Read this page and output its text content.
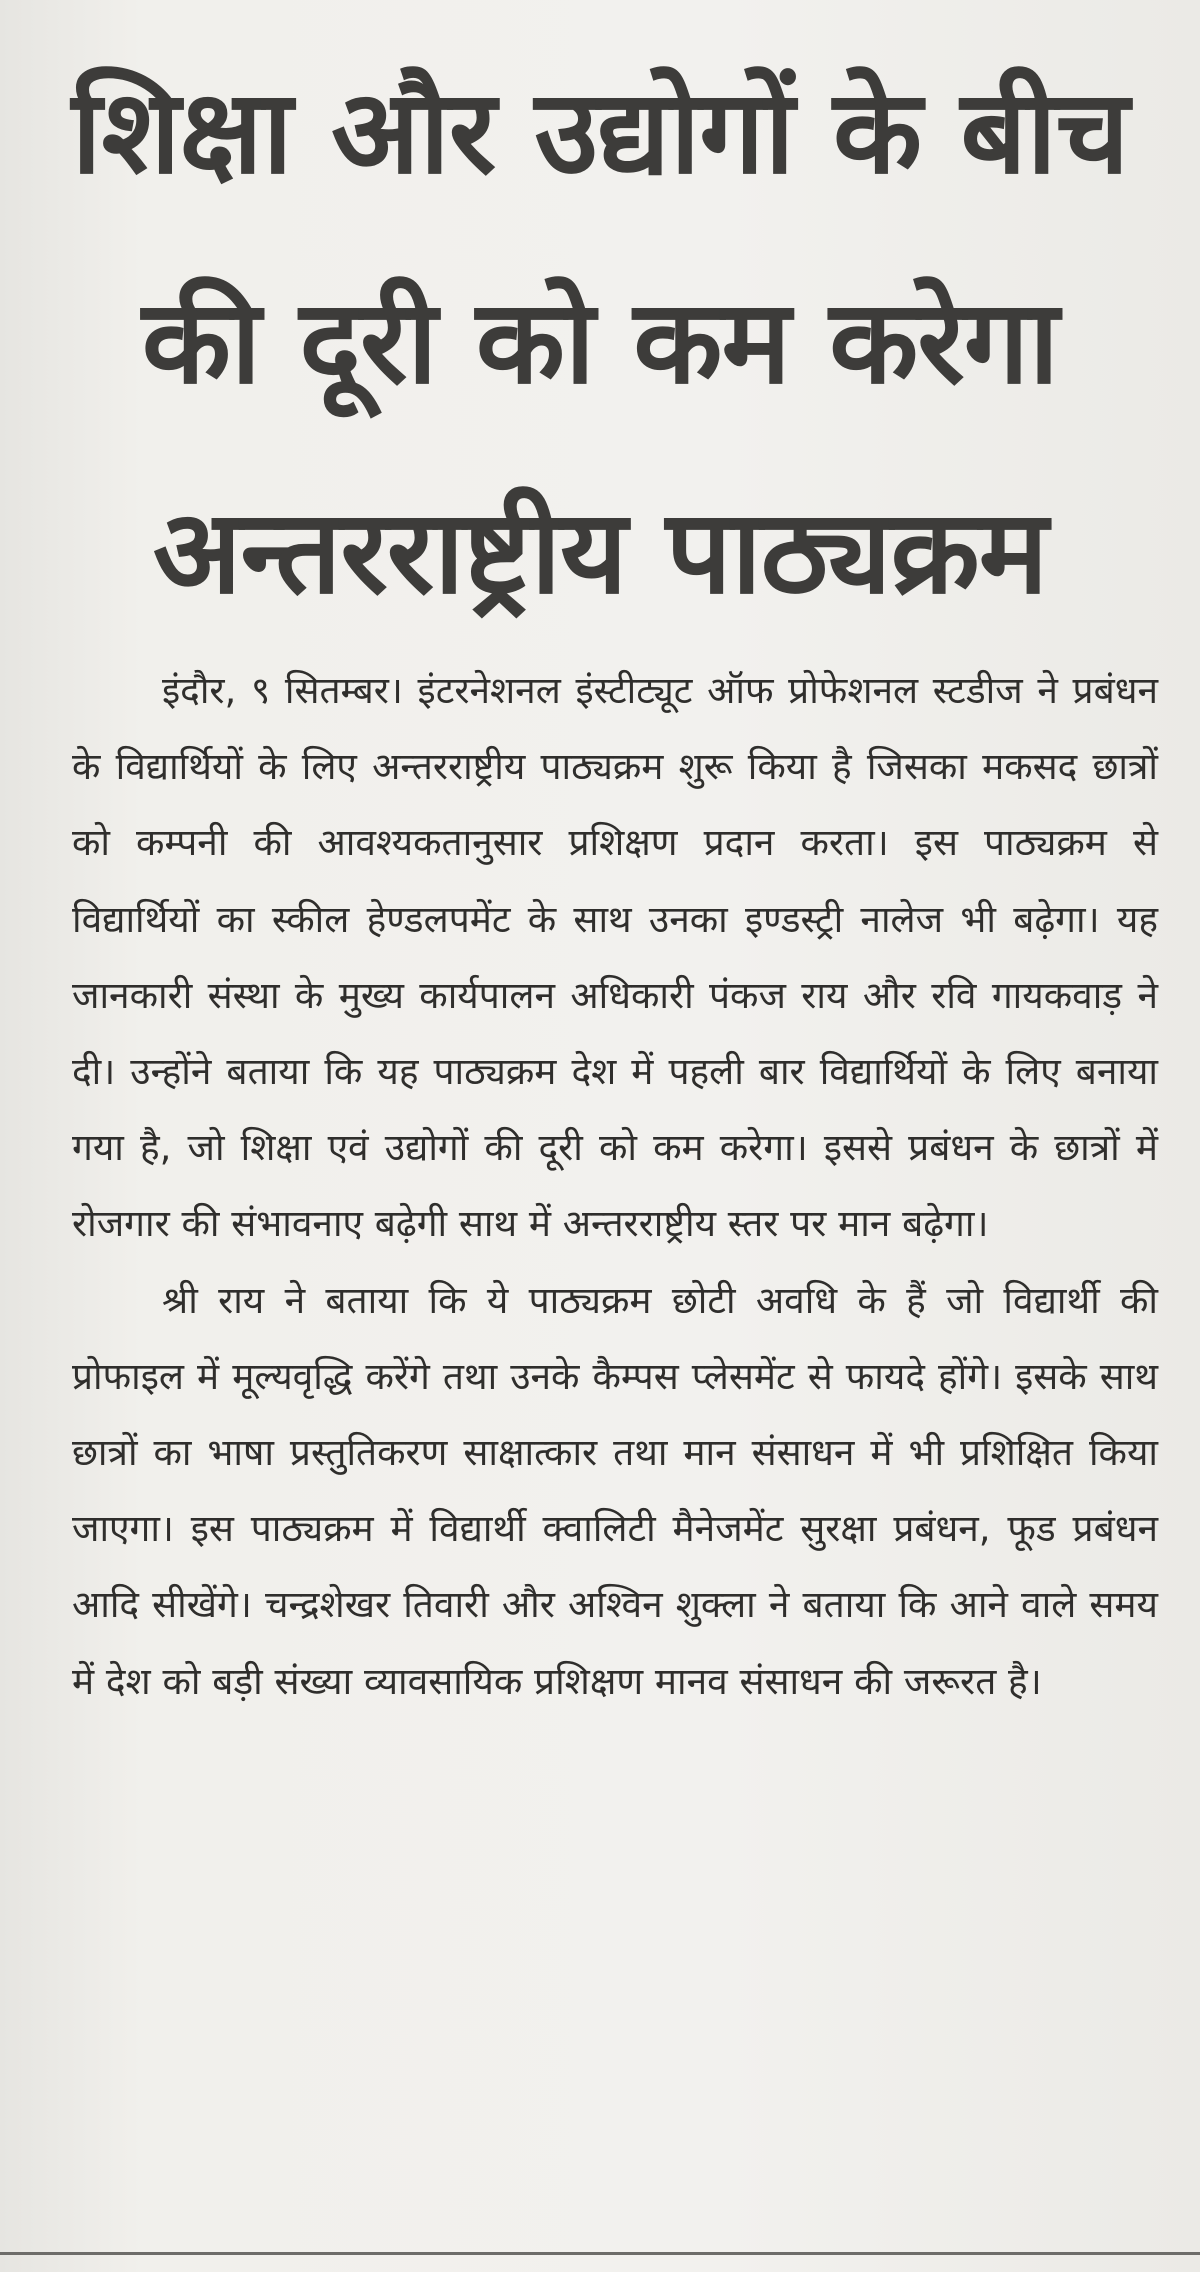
शिक्षा और उद्योगों के बीच
की दूरी को कम करेगा
अन्तरराष्ट्रीय पाठ्यक्रम

इंदौर, ९ सितम्बर। इंटरनेशनल इंस्टीट्यूट ऑफ प्रोफेशनल स्टडीज ने प्रबंधन के विद्यार्थियों के लिए अन्तरराष्ट्रीय पाठ्यक्रम शुरू किया है जिसका मकसद छात्रों को कम्पनी की आवश्यकतानुसार प्रशिक्षण प्रदान करता। इस पाठ्यक्रम से विद्यार्थियों का स्कील हेण्डलपमेंट के साथ उनका इण्डस्ट्री नालेज भी बढ़ेगा। यह जानकारी संस्था के मुख्य कार्यपालन अधिकारी पंकज राय और रवि गायकवाड़ ने दी। उन्होंने बताया कि यह पाठ्यक्रम देश में पहली बार विद्यार्थियों के लिए बनाया गया है, जो शिक्षा एवं उद्योगों की दूरी को कम करेगा। इससे प्रबंधन के छात्रों में रोजगार की संभावनाए बढ़ेगी साथ में अन्तरराष्ट्रीय स्तर पर मान बढ़ेगा।

श्री राय ने बताया कि ये पाठ्यक्रम छोटी अवधि के हैं जो विद्यार्थी की प्रोफाइल में मूल्यवृद्धि करेंगे तथा उनके कैम्पस प्लेसमेंट से फायदे होंगे। इसके साथ छात्रों का भाषा प्रस्तुतिकरण साक्षात्कार तथा मान संसाधन में भी प्रशिक्षित किया जाएगा। इस पाठ्यक्रम में विद्यार्थी क्वालिटी मैनेजमेंट सुरक्षा प्रबंधन, फूड प्रबंधन आदि सीखेंगे। चन्द्रशेखर तिवारी और अश्विन शुक्ला ने बताया कि आने वाले समय में देश को बड़ी संख्या व्यावसायिक प्रशिक्षण मानव संसाधन की जरूरत है।
